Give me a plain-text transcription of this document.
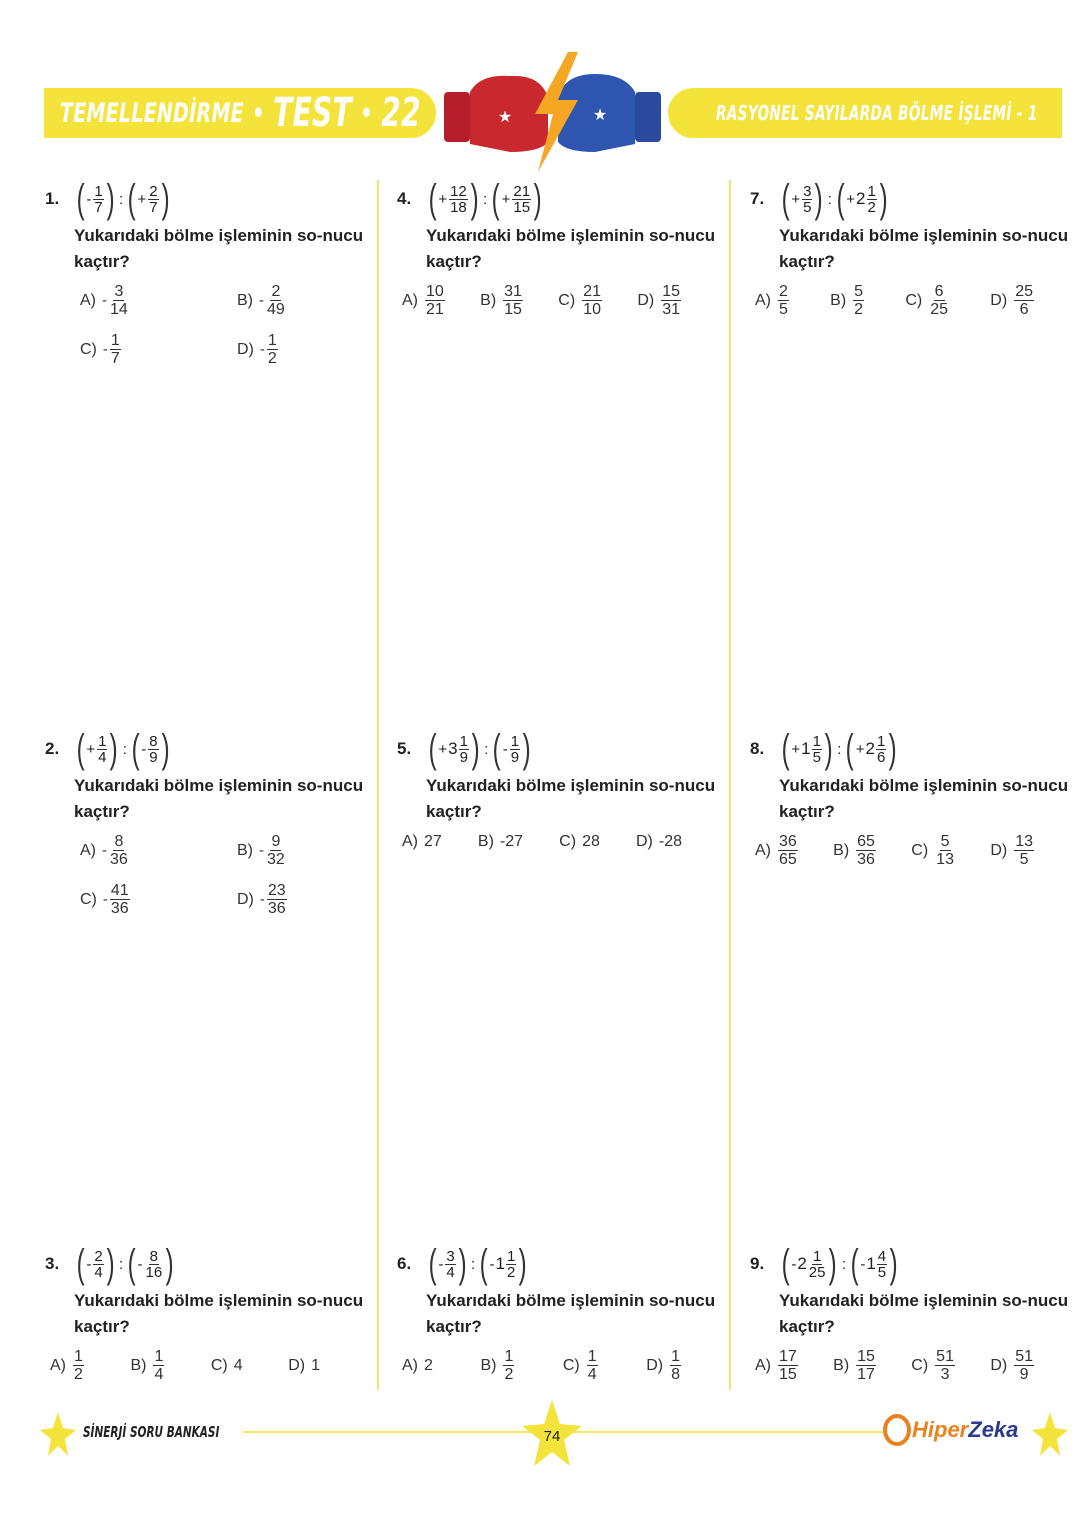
TEMELLENDİRME • TEST • 22	RASYONEL SAYILARDA BÖLME İŞLEMİ - 1
★	★
1. ( - $\frac{1}{7}$ ) : ( + $\frac{2}{7}$ )
Yukarıdaki bölme işleminin so-nucu kaçtır?
$A) - \frac{3}{14}$	$B) - \frac{2}{49}$
$C) - \frac{1}{7}$	$D) - \frac{1}{2}$
2. ( + $\frac{1}{4}$ ) : ( - $\frac{8}{9}$ )
Yukarıdaki bölme işleminin so-nucu kaçtır?
$A) - \frac{8}{36}$	$B) - \frac{9}{32}$
$C) - \frac{41}{36}$	$D) - \frac{23}{36}$
3. ( - $\frac{2}{4}$ ) : ( - $\frac{8}{16}$ )
Yukarıdaki bölme işleminin so-nucu kaçtır?
$A) \frac{1}{2}$	$B) \frac{1}{4}$	C) 4	D) 1
4. ( + $\frac{12}{18}$ ) : ( + $\frac{21}{15}$ )
Yukarıdaki bölme işleminin so-nucu kaçtır?
$A) \frac{10}{21} B) \frac{31}{15} C) \frac{21}{10} D) \frac{15}{31}$
5. ( + $3 \frac{1}{9}$ ) : ( - $\frac{1}{9}$ )
Yukarıdaki bölme işleminin so-nucu kaçtır?
A) 27 B) -27 C) 28 D) -28
6. ( - $\frac{3}{4}$ ) : ( - $1 \frac{1}{2}$ )
Yukarıdaki bölme işleminin so-nucu kaçtır?
A) 2	$B) \frac{1}{2}$	$C) \frac{1}{4}$	$D) \frac{1}{8}$
7. ( + $\frac{3}{5}$ ) : ( + $2 \frac{1}{2}$ )
Yukarıdaki bölme işleminin so-nucu kaçtır?
$A) \frac{2}{5}$	$B) \frac{5}{2}$	$C) \frac{6}{25}$	$D) \frac{25}{6}$
8. ( + $1 \frac{1}{5}$ ) : ( + $2 \frac{1}{6}$ )
Yukarıdaki bölme işleminin so-nucu kaçtır?
$A) \frac{36}{65} B) \frac{65}{36} C) \frac{5}{13} D) \frac{13}{5}$
9. ( - $2 \frac{1}{25}$ ) : ( - $1 \frac{4}{5}$ )
Yukarıdaki bölme işleminin so-nucu kaçtır?
$A) \frac{17}{15} B) \frac{15}{17} C) \frac{51}{3} D) \frac{51}{9}$
SİNERJİ SORU BANKASI	74	Hiper Zeka
